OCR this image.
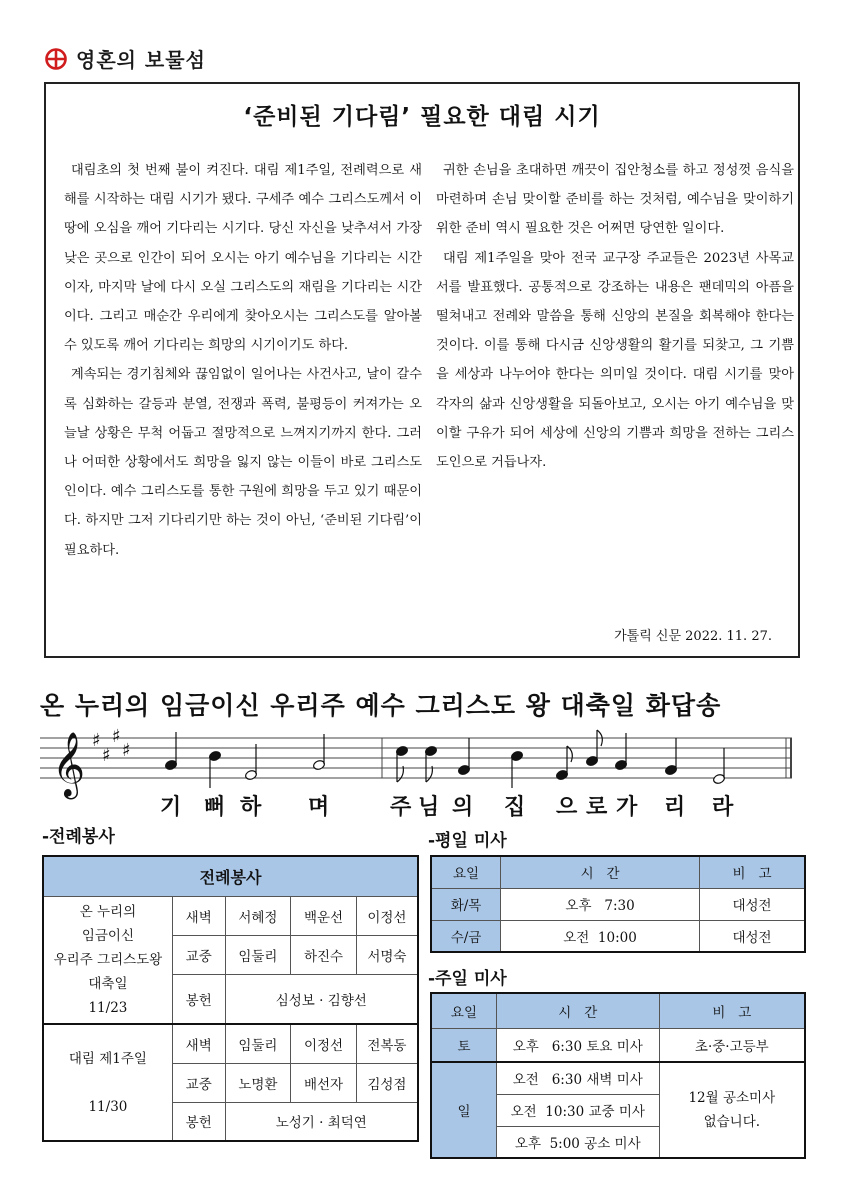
영혼의 보물섬
‘준비된 기다림’ 필요한 대림 시기

대림초의 첫 번째 불이 켜진다. 대림 제1주일, 전례력으로 새해를 시작하는 대림 시기가 됐다. 구세주 예수 그리스도께서 이 땅에 오심을 깨어 기다리는 시기다. 당신 자신을 낮추셔서 가장 낮은 곳으로 인간이 되어 오시는 아기 예수님을 기다리는 시간이자, 마지막 날에 다시 오실 그리스도의 재림을 기다리는 시간이다. 그리고 매순간 우리에게 찾아오시는 그리스도를 알아볼 수 있도록 깨어 기다리는 희망의 시기이기도 하다.

계속되는 경기침체와 끊임없이 일어나는 사건사고, 날이 갈수록 심화하는 갈등과 분열, 전쟁과 폭력, 불평등이 커져가는 오늘날 상황은 무척 어둡고 절망적으로 느껴지기까지 한다. 그러나 어떠한 상황에서도 희망을 잃지 않는 이들이 바로 그리스도인이다. 예수 그리스도를 통한 구원에 희망을 두고 있기 때문이다. 하지만 그저 기다리기만 하는 것이 아닌, ‘준비된 기다림’이 필요하다.

귀한 손님을 초대하면 깨끗이 집안청소를 하고 정성껏 음식을 마련하며 손님 맞이할 준비를 하는 것처럼, 예수님을 맞이하기 위한 준비 역시 필요한 것은 어쩌면 당연한 일이다.

대림 제1주일을 맞아 전국 교구장 주교들은 2023년 사목교서를 발표했다. 공통적으로 강조하는 내용은 팬데믹의 아픔을 떨쳐내고 전례와 말씀을 통해 신앙의 본질을 회복해야 한다는 것이다. 이를 통해 다시금 신앙생활의 활기를 되찾고, 그 기쁨을 세상과 나누어야 한다는 의미일 것이다. 대림 시기를 맞아 각자의 삶과 신앙생활을 되돌아보고, 오시는 아기 예수님을 맞이할 구유가 되어 세상에 신앙의 기쁨과 희망을 전하는 그리스도인으로 거듭나자.

가톨릭 신문 2022. 11. 27.
온 누리의 임금이신 우리주 예수 그리스도 왕 대축일 화답송
𝄞 ♯
♯
♯
♯
기 뻐 하 며	주 님 의 집 으 로 가 리 라
-전례봉사	-평일 미사
-주일 미사
전례봉사				

온 누리의
임금이신
우리주 그리스도왕
대축일
11/23	새벽	서혜정	백운선	이정선
	교중	임둘리	하진수	서명숙
	봉헌	심성보 · 김향선		

대림 제1주일
11/30	새벽	임둘리	이정선	전복동
	교중	노명환	배선자	김성점
	봉헌	노성기 · 최덕연		
요일	시   간	비   고
화/목	오후   7:30	대성전
수/금	오전  10:00	대성전
요일	시   간	비   고
토	오후   6:30 토요 미사	초·중·고등부
일	오전   6:30 새벽 미사	12월 공소미사
없습니다.

	오전  10:30 교중 미사	
	오후  5:00 공소 미사	
